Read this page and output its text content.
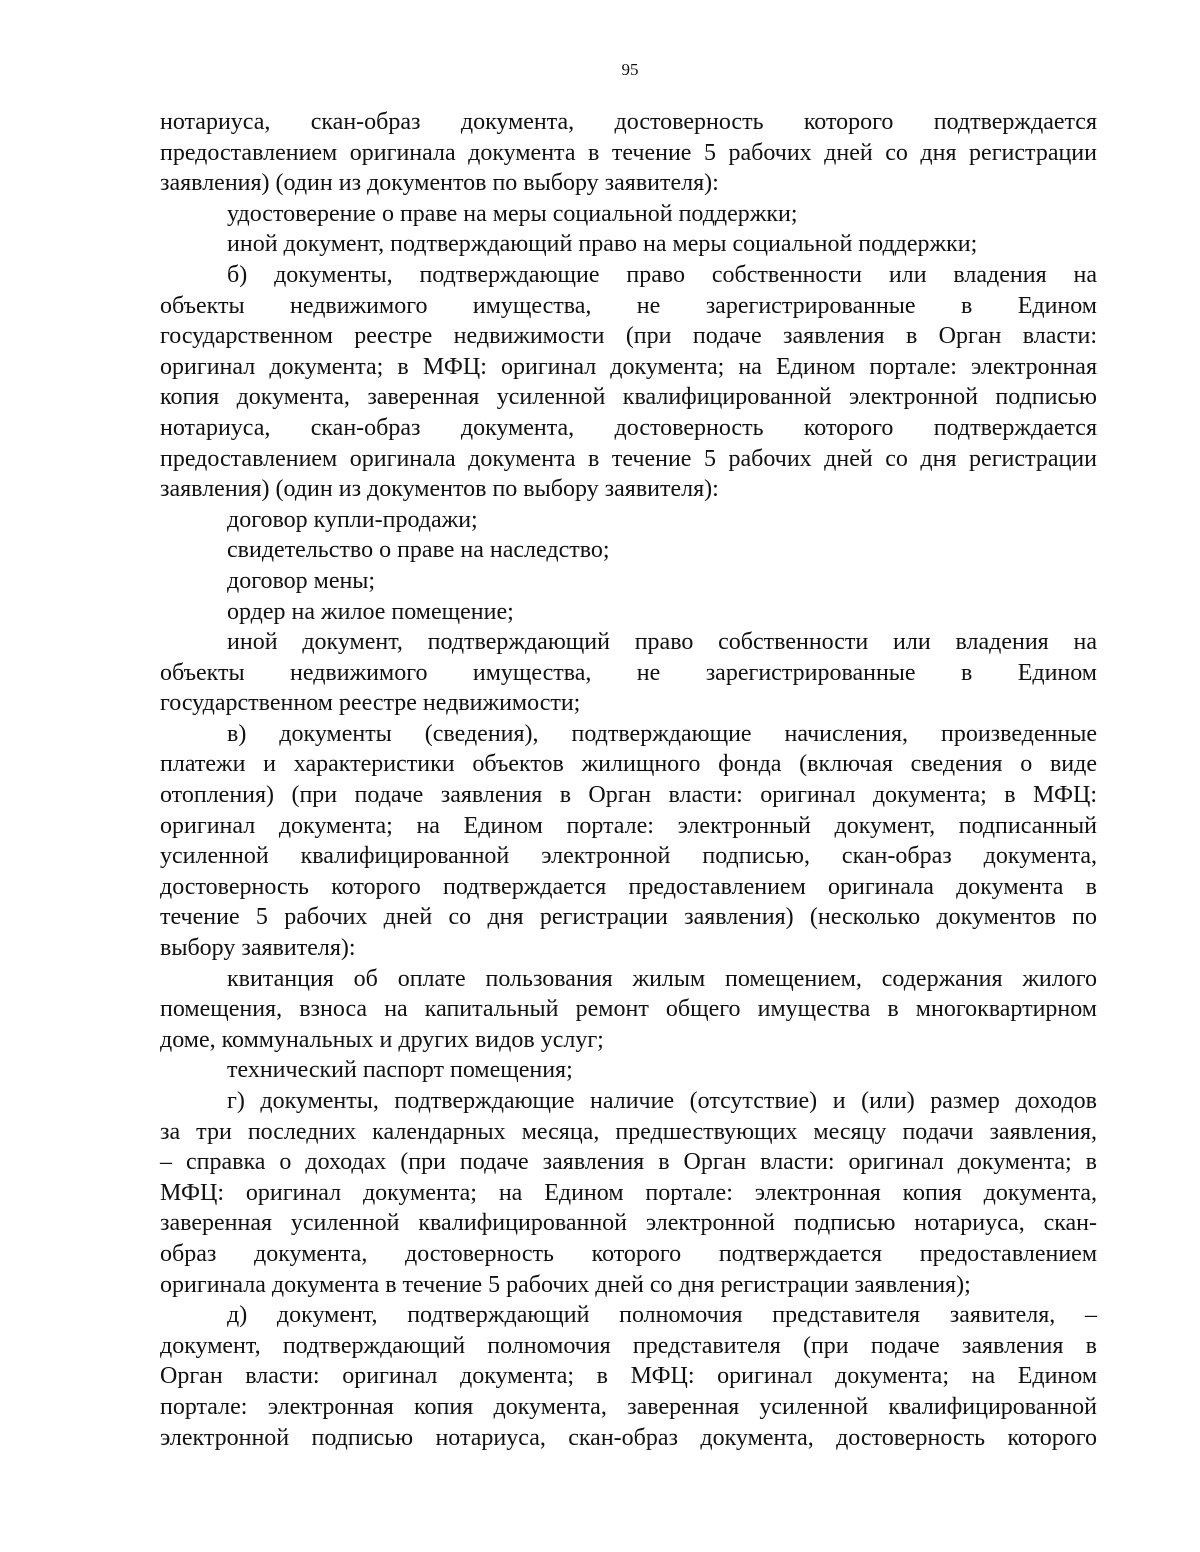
95
нотариуса, скан-образ документа, достоверность которого подтверждается
предоставлением оригинала документа в течение 5 рабочих дней со дня регистрации
заявления) (один из документов по выбору заявителя):
удостоверение о праве на меры социальной поддержки;
иной документ, подтверждающий право на меры социальной поддержки;
б) документы, подтверждающие право собственности или владения на
объекты недвижимого имущества, не зарегистрированные в Едином
государственном реестре недвижимости (при подаче заявления в Орган власти:
оригинал документа; в МФЦ: оригинал документа; на Едином портале: электронная
копия документа, заверенная усиленной квалифицированной электронной подписью
нотариуса, скан-образ документа, достоверность которого подтверждается
предоставлением оригинала документа в течение 5 рабочих дней со дня регистрации
заявления) (один из документов по выбору заявителя):
договор купли-продажи;
свидетельство о праве на наследство;
договор мены;
ордер на жилое помещение;
иной документ, подтверждающий право собственности или владения на
объекты недвижимого имущества, не зарегистрированные в Едином
государственном реестре недвижимости;
в) документы (сведения), подтверждающие начисления, произведенные
платежи и характеристики объектов жилищного фонда (включая сведения о виде
отопления) (при подаче заявления в Орган власти: оригинал документа; в МФЦ:
оригинал документа; на Едином портале: электронный документ, подписанный
усиленной квалифицированной электронной подписью, скан-образ документа,
достоверность которого подтверждается предоставлением оригинала документа в
течение 5 рабочих дней со дня регистрации заявления) (несколько документов по
выбору заявителя):
квитанция об оплате пользования жилым помещением, содержания жилого
помещения, взноса на капитальный ремонт общего имущества в многоквартирном
доме, коммунальных и других видов услуг;
технический паспорт помещения;
г) документы, подтверждающие наличие (отсутствие) и (или) размер доходов
за три последних календарных месяца, предшествующих месяцу подачи заявления,
– справка о доходах (при подаче заявления в Орган власти: оригинал документа; в
МФЦ: оригинал документа; на Едином портале: электронная копия документа,
заверенная усиленной квалифицированной электронной подписью нотариуса, скан-
образ документа, достоверность которого подтверждается предоставлением
оригинала документа в течение 5 рабочих дней со дня регистрации заявления);
д) документ, подтверждающий полномочия представителя заявителя, –
документ, подтверждающий полномочия представителя (при подаче заявления в
Орган власти: оригинал документа; в МФЦ: оригинал документа; на Едином
портале: электронная копия документа, заверенная усиленной квалифицированной
электронной подписью нотариуса, скан-образ документа, достоверность которого
